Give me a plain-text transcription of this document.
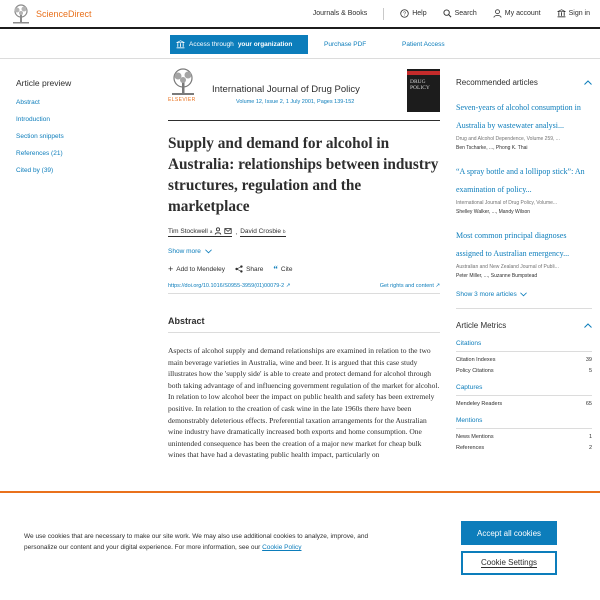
ScienceDirect	Journals & Books	? Help	Search	My account	Sign in
Access through your organization	Purchase PDF	Patient Access
Article preview
Abstract
Introduction
Section snippets
References (21)
Cited by (39)
ELSEVIER
International Journal of Drug Policy
Volume 12, Issue 2, 1 July 2001, Pages 139-152
DRUG POLICY
Supply and demand for alcohol in Australia: relationships between industry structures, regulation and the marketplace
Tim Stockwell a	, David Crosbie b
Show more
+ Add to Mendeley	Share “ Cite
https://doi.org/10.1016/S0955-3959(01)00079-2 ↗	Get rights and content ↗
Abstract

Aspects of alcohol supply and demand relationships are examined in relation to the two main beverage varieties in Australia, wine and beer. It is argued that this case study illustrates how the 'supply side' is able to create and protect demand for alcohol through both taking advantage of and influencing government regulation of the market for alcohol. In relation to low alcohol beer the impact on public health and safety has been extremely positive. In relation to the creation of cask wine in the late 1960s there have been demonstrably deleterious effects. Preferential taxation arrangements for the Australian wine industry have dramatically increased both exports and home consumption. One unintended consequence has been the creation of a major new market for cheap bulk wines that have had a devastating public health impact, particularly on

Recommended articles
Seven-years of alcohol consumption in Australia by wastewater analysi...
Drug and Alcohol Dependence, Volume 259, ...
Ben Tscharke, ..., Phong K. Thai
“A spray bottle and a lollipop stick”: An examination of policy...
International Journal of Drug Policy, Volume...
Shelley Walker, ..., Mandy Wilson
Most common principal diagnoses assigned to Australian emergency...
Australian and New Zealand Journal of Publi...
Peter Miller, ..., Suzanne Bumpstead
Show 3 more articles
Article Metrics
Citations
Citation Indexes	39
Policy Citations	5
Captures
Mendeley Readers	65
Mentions
News Mentions	1
References	2

We use cookies that are necessary to make our site work. We may also use additional cookies to analyze, improve, and personalize our content and your digital experience. For more information, see our Cookie Policy

Accept all cookies
Cookie Settings
